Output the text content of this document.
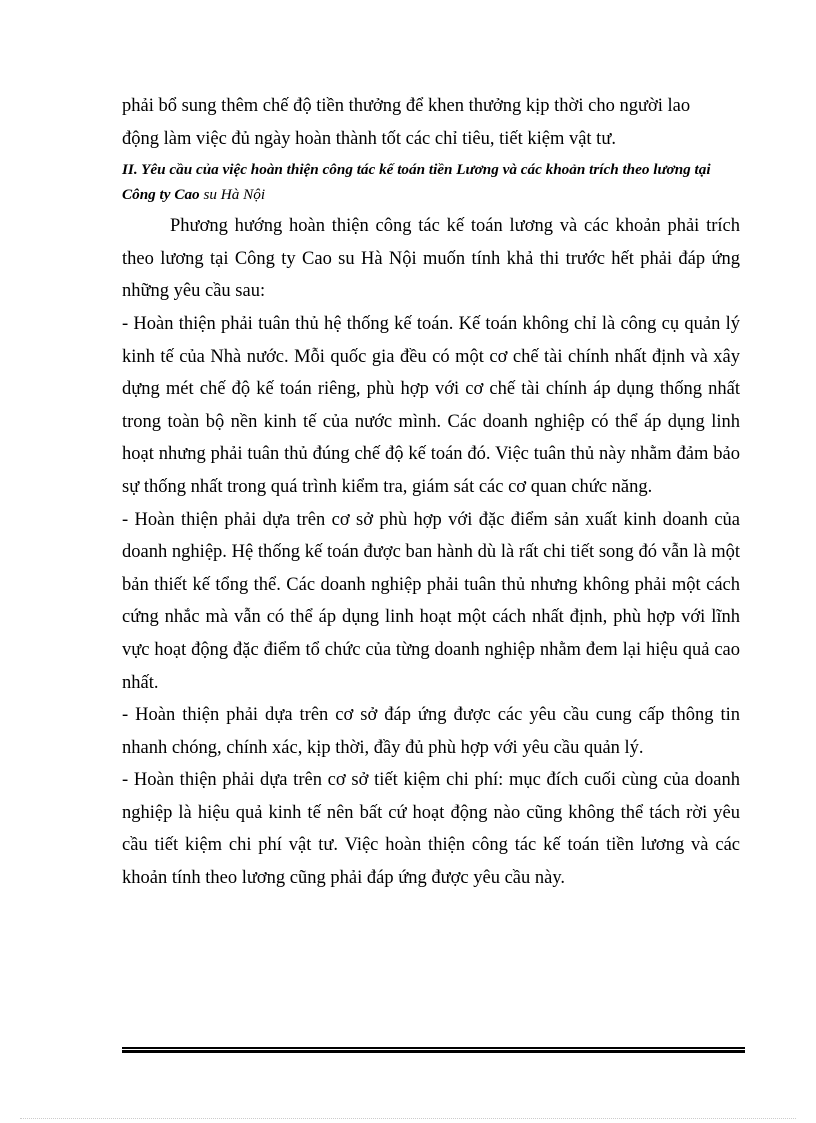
phải bổ sung thêm chế độ tiền thưởng để khen thưởng kịp thời cho người lao

động làm việc đủ ngày hoàn thành tốt các chỉ tiêu, tiết kiệm vật tư.

II. Yêu cầu của việc hoàn thiện công tác kế toán tiền Lương và các khoản trích theo lương tại Công ty Cao su Hà Nội

Phương hướng hoàn thiện công tác kế toán lương và các khoản phải trích theo lương tại Công ty Cao su Hà Nội muốn tính khả thi trước hết phải đáp ứng những yêu cầu sau:

- Hoàn thiện phải tuân thủ hệ thống kế toán. Kế toán không chỉ là công cụ quản lý kinh tế của Nhà nước. Mỗi quốc gia đều có một cơ chế tài chính nhất định và xây dựng mét chế độ kế toán riêng, phù hợp với cơ chế tài chính áp dụng thống nhất trong toàn bộ nền kinh tế của nước mình. Các doanh nghiệp có thể áp dụng linh hoạt nhưng phải tuân thủ đúng chế độ kế toán đó. Việc tuân thủ này nhằm đảm bảo sự thống nhất trong quá trình kiểm tra, giám sát các cơ quan chức năng.

- Hoàn thiện phải dựa trên cơ sở phù hợp với đặc điểm sản xuất kinh doanh của doanh nghiệp. Hệ thống kế toán được ban hành dù là rất chi tiết song đó vẫn là một bản thiết kế tổng thể. Các doanh nghiệp phải tuân thủ nhưng không phải một cách cứng nhắc mà vẫn có thể áp dụng linh hoạt một cách nhất định, phù hợp với lĩnh vực hoạt động đặc điểm tổ chức của từng doanh nghiệp nhằm đem lại hiệu quả cao nhất.

- Hoàn thiện phải dựa trên cơ sở đáp ứng được các yêu cầu cung cấp thông tin nhanh chóng, chính xác, kịp thời, đầy đủ phù hợp với yêu cầu quản lý.

- Hoàn thiện phải dựa trên cơ sở tiết kiệm chi phí: mục đích cuối cùng của doanh nghiệp là hiệu quả kinh tế nên bất cứ hoạt động nào cũng không thể tách rời yêu cầu tiết kiệm chi phí vật tư. Việc hoàn thiện công tác kế toán tiền lương và các khoản tính theo lương cũng phải đáp ứng được yêu cầu này.
